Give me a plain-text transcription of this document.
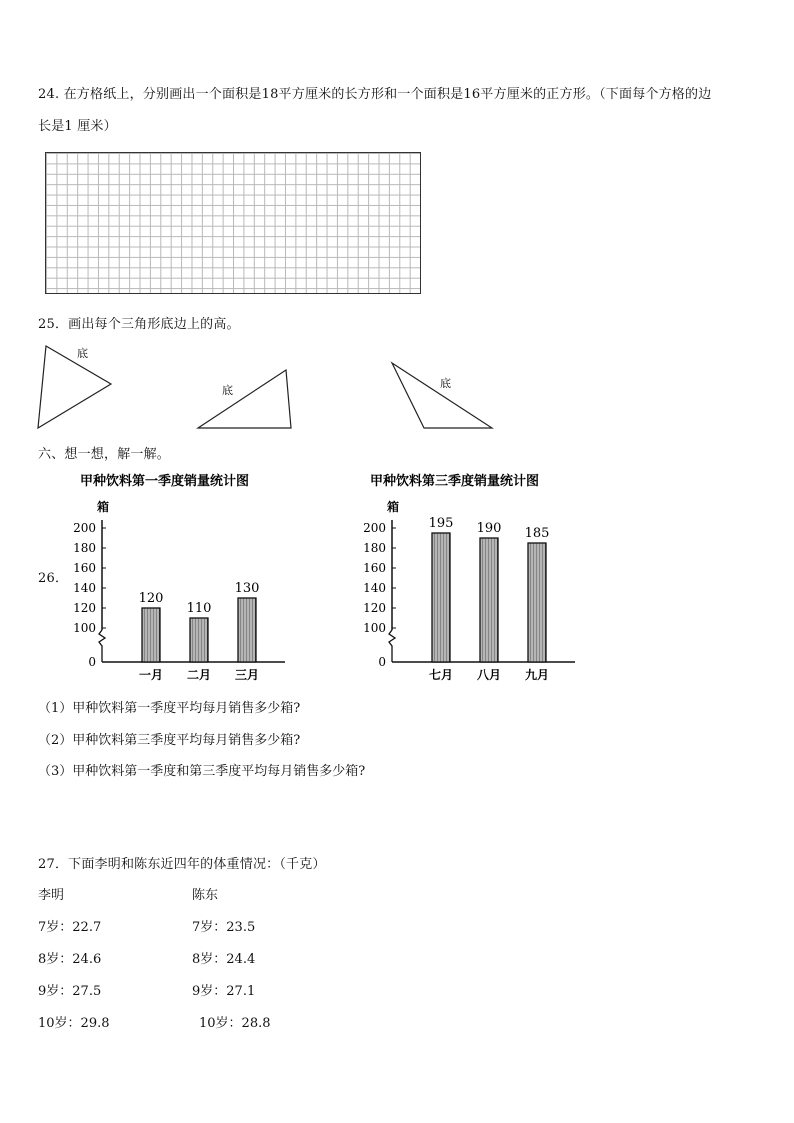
24. 在方格纸上，分别画出一个面积是18平方厘米的长方形和一个面积是16平方厘米的正方形。（下面每个方格的边
长是1 厘米）
25．画出每个三角形底边上的高。
底
底
底
六、想一想，解一解。
26．
甲种饮料第一季度销量统计图
箱
0
100
120
140
160
180
200
120
一月
110
二月
130
三月
甲种饮料第三季度销量统计图
箱
0
100
120
140
160
180
200	195
七月
190
八月
185
九月
（1）甲种饮料第一季度平均每月销售多少箱?
（2）甲种饮料第三季度平均每月销售多少箱?
（3）甲种饮料第一季度和第三季度平均每月销售多少箱?
27．下面李明和陈东近四年的体重情况：（千克）
李明	陈东
7岁：22.7
8岁：24.6
9岁：27.5
10岁：29.8
7岁：23.5
8岁：24.4
9岁：27.1
10岁：28.8
